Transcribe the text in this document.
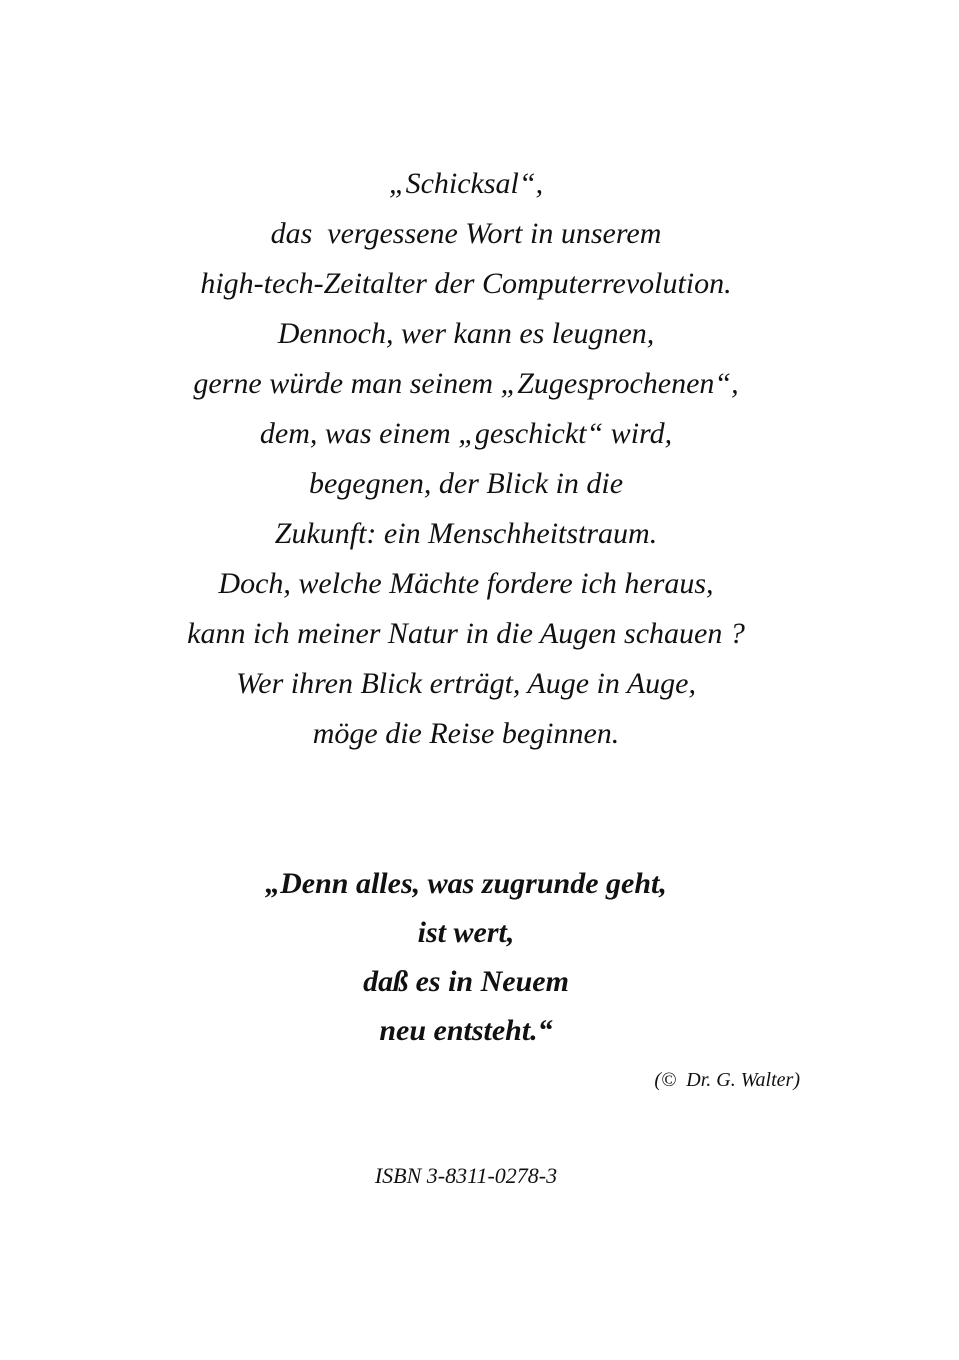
„Schicksal“,
das  vergessene Wort in unserem
high-tech-Zeitalter der Computerrevolution.
Dennoch, wer kann es leugnen,
gerne würde man seinem „Zugesprochenen“,
dem, was einem „geschickt“ wird,
begegnen, der Blick in die
Zukunft: ein Menschheitstraum.
Doch, welche Mächte fordere ich heraus,
kann ich meiner Natur in die Augen schauen ?
Wer ihren Blick erträgt, Auge in Auge,
möge die Reise beginnen.
„Denn alles, was zugrunde geht,
ist wert,
daß es in Neuem
neu entsteht.“
(©  Dr. G. Walter)
ISBN 3-8311-0278-3
